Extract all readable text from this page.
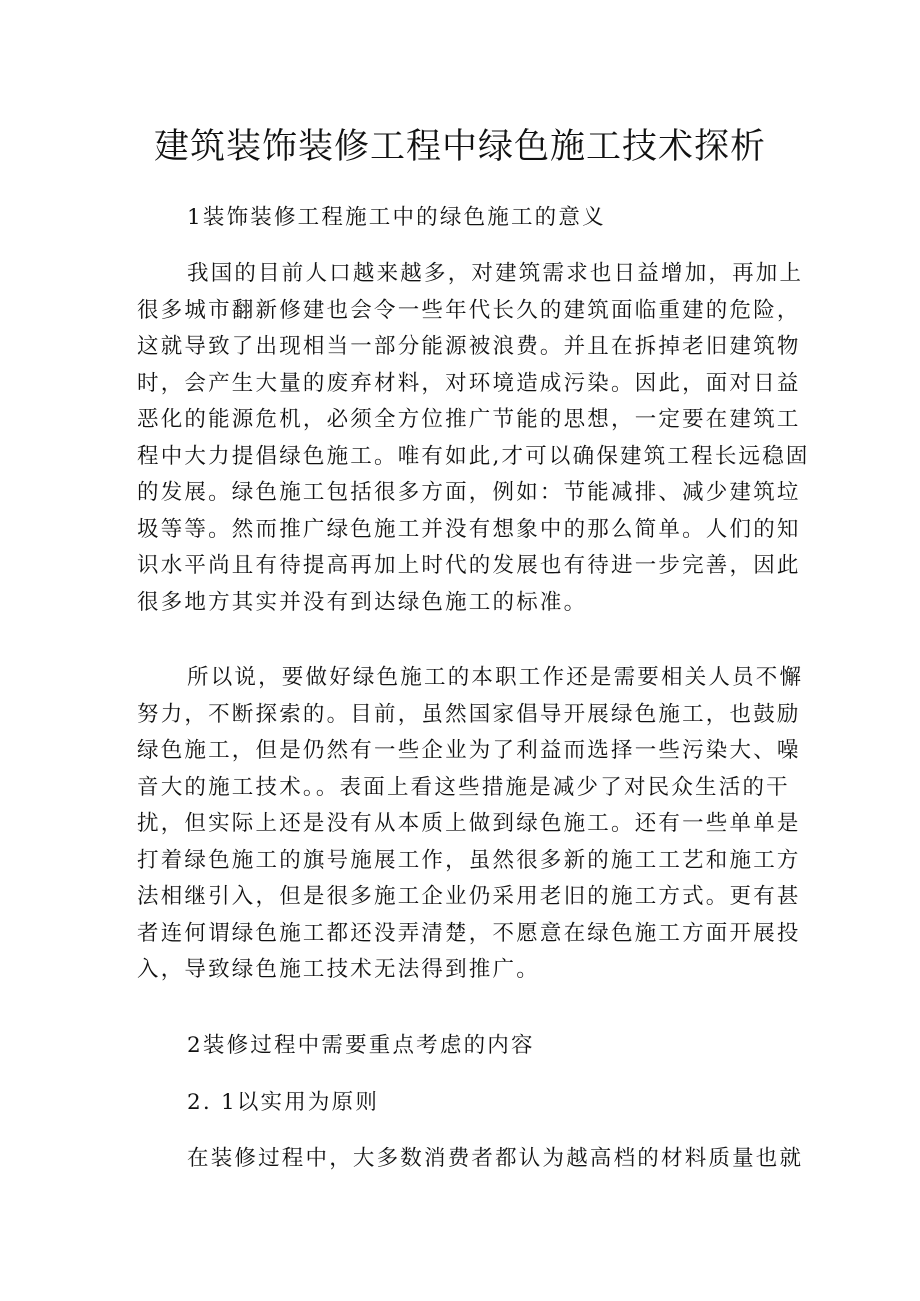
建筑装饰装修工程中绿色施工技术探析
1装饰装修工程施工中的绿色施工的意义
我国的目前人口越来越多，对建筑需求也日益增加，再加上
很多城市翻新修建也会令一些年代长久的建筑面临重建的危险，
这就导致了出现相当一部分能源被浪费。并且在拆掉老旧建筑物
时，会产生大量的废弃材料，对环境造成污染。因此，面对日益
恶化的能源危机，必须全方位推广节能的思想，一定要在建筑工
程中大力提倡绿色施工。唯有如此,才可以确保建筑工程长远稳固
的发展。绿色施工包括很多方面，例如：节能减排、减少建筑垃
圾等等。然而推广绿色施工并没有想象中的那么简单。人们的知
识水平尚且有待提高再加上时代的发展也有待进一步完善，因此
很多地方其实并没有到达绿色施工的标准。
所以说，要做好绿色施工的本职工作还是需要相关人员不懈
努力，不断探索的。目前，虽然国家倡导开展绿色施工，也鼓励
绿色施工，但是仍然有一些企业为了利益而选择一些污染大、噪
音大的施工技术。。表面上看这些措施是减少了对民众生活的干
扰，但实际上还是没有从本质上做到绿色施工。还有一些单单是
打着绿色施工的旗号施展工作，虽然很多新的施工工艺和施工方
法相继引入，但是很多施工企业仍采用老旧的施工方式。更有甚
者连何谓绿色施工都还没弄清楚，不愿意在绿色施工方面开展投
入，导致绿色施工技术无法得到推广。
2装修过程中需要重点考虑的内容
2. 1以实用为原则
在装修过程中，大多数消费者都认为越高档的材料质量也就
